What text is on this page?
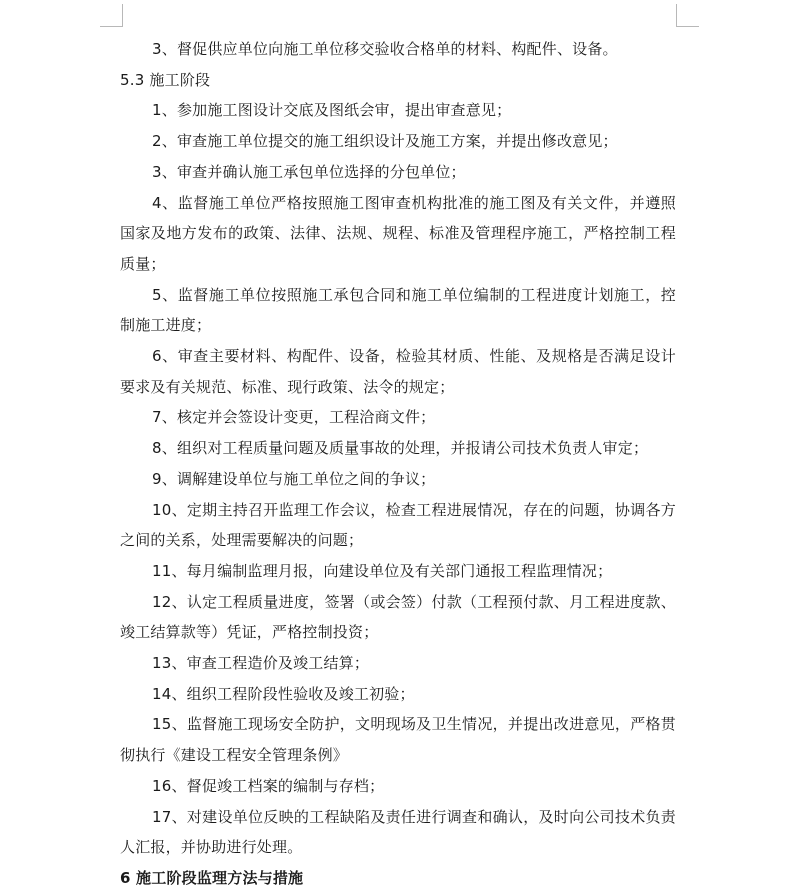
3、督促供应单位向施工单位移交验收合格单的材料、构配件、设备。

5.3 施工阶段

1、参加施工图设计交底及图纸会审，提出审查意见；

2、审查施工单位提交的施工组织设计及施工方案，并提出修改意见；

3、审查并确认施工承包单位选择的分包单位；

4、监督施工单位严格按照施工图审查机构批准的施工图及有关文件，并遵照国家及地方发布的政策、法律、法规、规程、标准及管理程序施工，严格控制工程质量；

5、监督施工单位按照施工承包合同和施工单位编制的工程进度计划施工，控制施工进度；

6、审查主要材料、构配件、设备，检验其材质、性能、及规格是否满足设计要求及有关规范、标准、现行政策、法令的规定；

7、核定并会签设计变更，工程洽商文件；

8、组织对工程质量问题及质量事故的处理，并报请公司技术负责人审定；

9、调解建设单位与施工单位之间的争议；

10、定期主持召开监理工作会议，检查工程进展情况，存在的问题，协调各方之间的关系，处理需要解决的问题；

11、每月编制监理月报，向建设单位及有关部门通报工程监理情况；

12、认定工程质量进度，签署（或会签）付款（工程预付款、月工程进度款、竣工结算款等）凭证，严格控制投资；

13、审查工程造价及竣工结算；

14、组织工程阶段性验收及竣工初验；

15、监督施工现场安全防护，文明现场及卫生情况，并提出改进意见，严格贯彻执行《建设工程安全管理条例》

16、督促竣工档案的编制与存档；

17、对建设单位反映的工程缺陷及责任进行调查和确认，及时向公司技术负责人汇报，并协助进行处理。

6 施工阶段监理方法与措施
